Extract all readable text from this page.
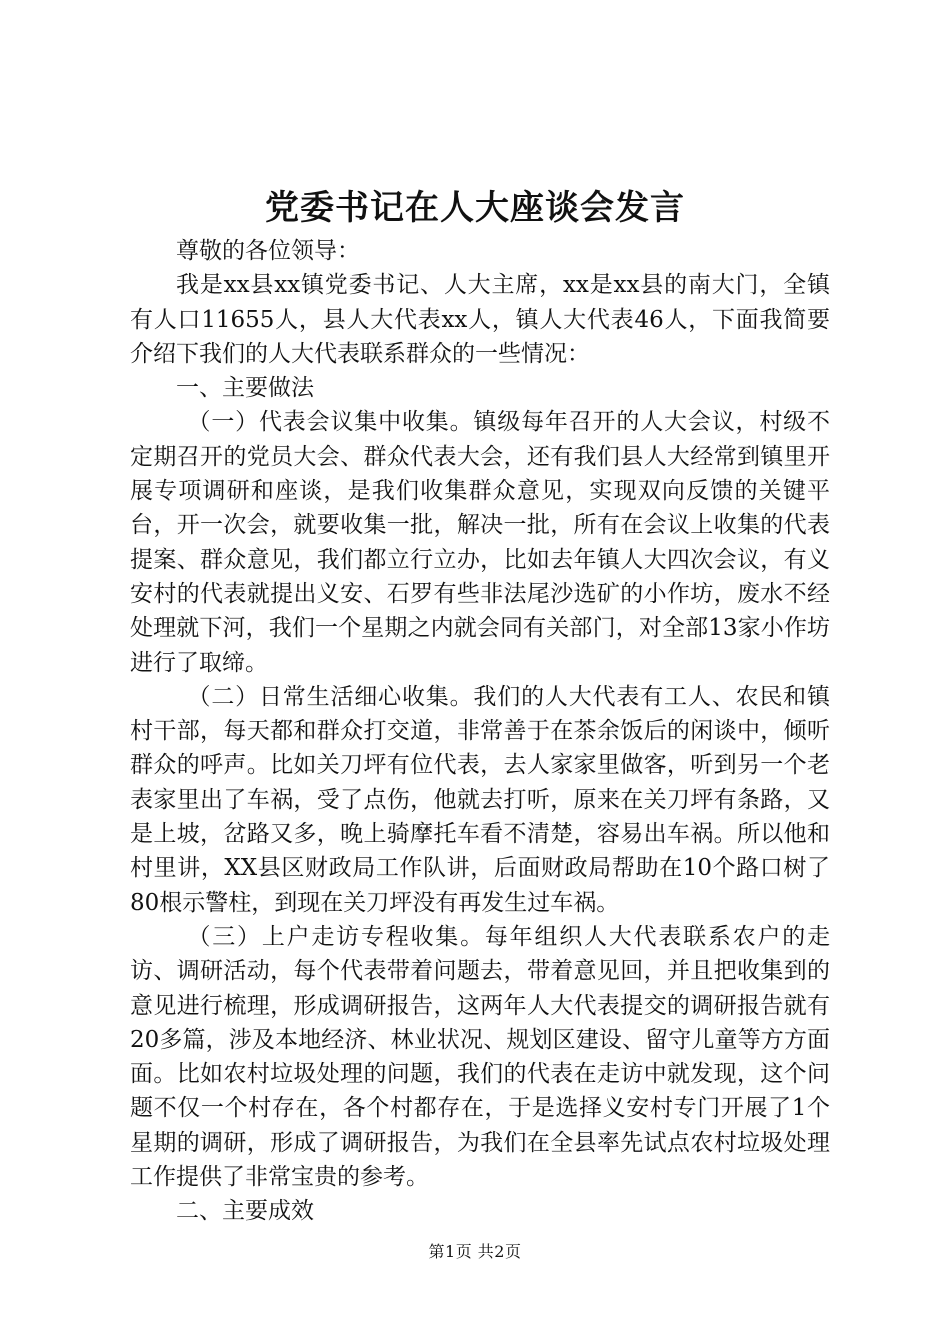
党委书记在人大座谈会发言

尊敬的各位领导：

我是xx县xx镇党委书记、人大主席，xx是xx县的南大门，全镇有人口11655人，县人大代表xx人，镇人大代表46人，下面我简要介绍下我们的人大代表联系群众的一些情况：

一、主要做法

（一）代表会议集中收集。镇级每年召开的人大会议，村级不定期召开的党员大会、群众代表大会，还有我们县人大经常到镇里开展专项调研和座谈，是我们收集群众意见，实现双向反馈的关键平台，开一次会，就要收集一批，解决一批，所有在会议上收集的代表提案、群众意见，我们都立行立办，比如去年镇人大四次会议，有义安村的代表就提出义安、石罗有些非法尾沙选矿的小作坊，废水不经处理就下河，我们一个星期之内就会同有关部门，对全部13家小作坊进行了取缔。

（二）日常生活细心收集。我们的人大代表有工人、农民和镇村干部，每天都和群众打交道，非常善于在茶余饭后的闲谈中，倾听群众的呼声。比如关刀坪有位代表，去人家家里做客，听到另一个老表家里出了车祸，受了点伤，他就去打听，原来在关刀坪有条路，又是上坡，岔路又多，晚上骑摩托车看不清楚，容易出车祸。所以他和村里讲，XX县区财政局工作队讲，后面财政局帮助在10个路口树了80根示警柱，到现在关刀坪没有再发生过车祸。

（三）上户走访专程收集。每年组织人大代表联系农户的走访、调研活动，每个代表带着问题去，带着意见回，并且把收集到的意见进行梳理，形成调研报告，这两年人大代表提交的调研报告就有20多篇，涉及本地经济、林业状况、规划区建设、留守儿童等方方面面。比如农村垃圾处理的问题，我们的代表在走访中就发现，这个问题不仅一个村存在，各个村都存在，于是选择义安村专门开展了1个星期的调研，形成了调研报告，为我们在全县率先试点农村垃圾处理工作提供了非常宝贵的参考。

二、主要成效

第1页 共2页
